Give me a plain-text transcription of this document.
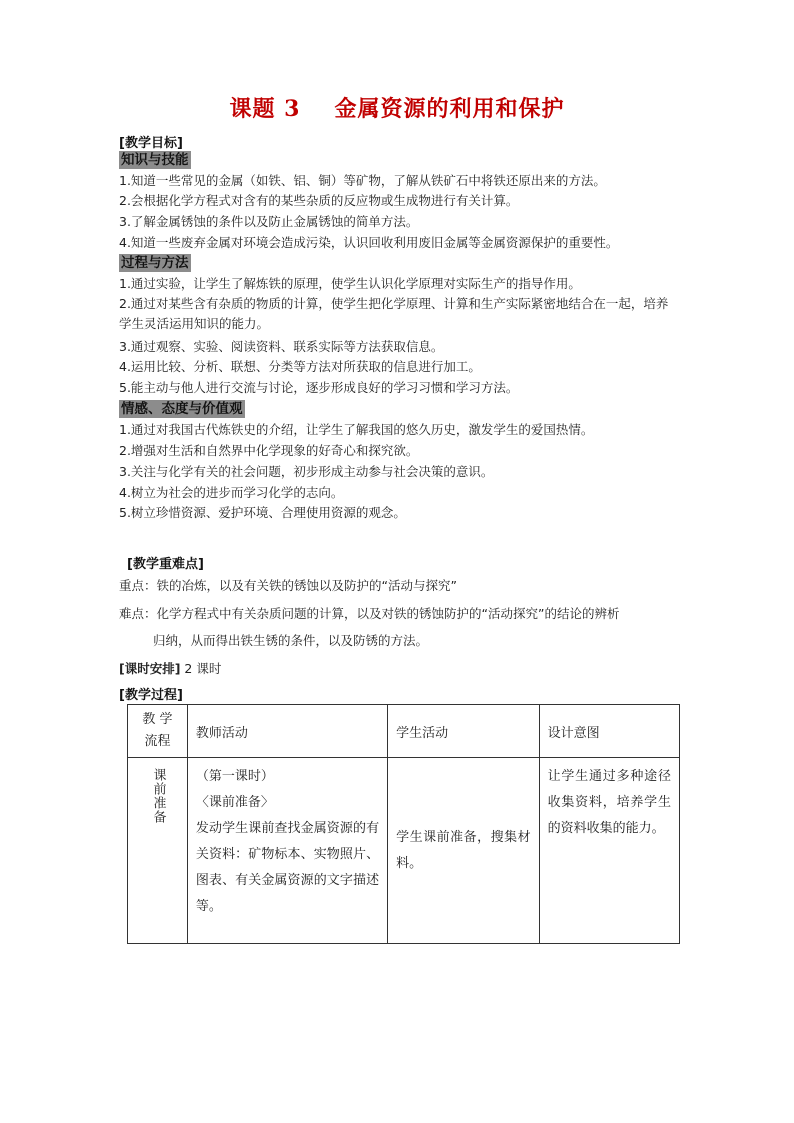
课题 3 金属资源的利用和保护
[教学目标]
知识与技能
1.知道一些常见的金属（如铁、铝、铜）等矿物，了解从铁矿石中将铁还原出来的方法。
2.会根据化学方程式对含有的某些杂质的反应物或生成物进行有关计算。
3.了解金属锈蚀的条件以及防止金属锈蚀的简单方法。
4.知道一些废弃金属对环境会造成污染，认识回收利用废旧金属等金属资源保护的重要性。
过程与方法
1.通过实验，让学生了解炼铁的原理，使学生认识化学原理对实际生产的指导作用。
2.通过对某些含有杂质的物质的计算，使学生把化学原理、计算和生产实际紧密地结合在一起，培养学生灵活运用知识的能力。
3.通过观察、实验、阅读资料、联系实际等方法获取信息。
4.运用比较、分析、联想、分类等方法对所获取的信息进行加工。
5.能主动与他人进行交流与讨论，逐步形成良好的学习习惯和学习方法。
情感、态度与价值观
1.通过对我国古代炼铁史的介绍，让学生了解我国的悠久历史，激发学生的爱国热情。
2.增强对生活和自然界中化学现象的好奇心和探究欲。
3.关注与化学有关的社会问题，初步形成主动参与社会决策的意识。
4.树立为社会的进步而学习化学的志向。
5.树立珍惜资源、爱护环境、合理使用资源的观念。
[教学重难点]
重点：铁的冶炼，以及有关铁的锈蚀以及防护的“活动与探究”
难点：化学方程式中有关杂质问题的计算，以及对铁的锈蚀防护的“活动探究”的结论的辨析
归纳，从而得出铁生锈的条件，以及防锈的方法。
[课时安排] 2 课时
[教学过程]
教 学 流程	教师活动	学生活动	设计意图

课前准备	（第一课时）
〈课前准备〉
发动学生课前查找金属资源的有关资料：矿物标本、实物照片、图表、有关金属资源的文字描述等。	学生课前准备，搜集材料。	让学生通过多种途径收集资料，培养学生的资料收集的能力。
